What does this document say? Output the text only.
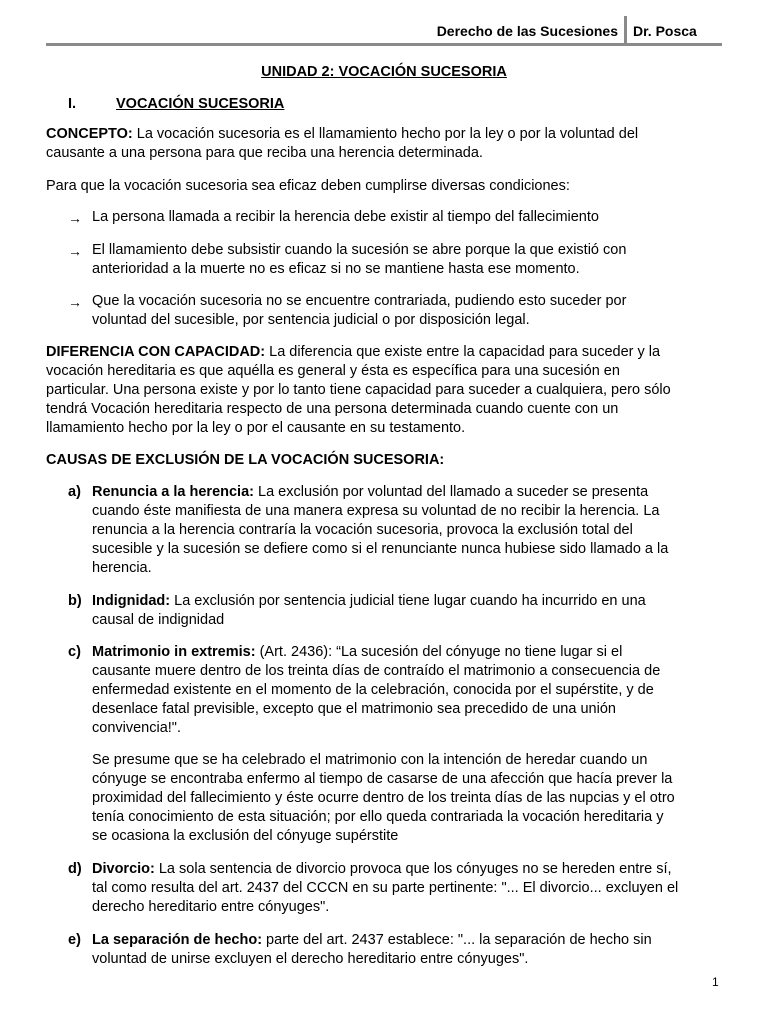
Derecho de las Sucesiones Dr. Posca
UNIDAD 2: VOCACIÓN SUCESORIA
I.	VOCACIÓN SUCESORIA
CONCEPTO: La vocación sucesoria es el llamamiento hecho por la ley o por la voluntad del
causante a una persona para que reciba una herencia determinada.
Para que la vocación sucesoria sea eficaz deben cumplirse diversas condiciones:
→ La persona llamada a recibir la herencia debe existir al tiempo del fallecimiento
→ El llamamiento debe subsistir cuando la sucesión se abre porque la que existió con
anterioridad a la muerte no es eficaz si no se mantiene hasta ese momento.
→ Que la vocación sucesoria no se encuentre contrariada, pudiendo esto suceder por
voluntad del sucesible, por sentencia judicial o por disposición legal.
DIFERENCIA CON CAPACIDAD: La diferencia que existe entre la capacidad para suceder y la
vocación hereditaria es que aquélla es general y ésta es específica para una sucesión en
particular. Una persona existe y por lo tanto tiene capacidad para suceder a cualquiera, pero sólo
tendrá Vocación hereditaria respecto de una persona determinada cuando cuente con un
llamamiento hecho por la ley o por el causante en su testamento.
CAUSAS DE EXCLUSIÓN DE LA VOCACIÓN SUCESORIA:
a) Renuncia a la herencia: La exclusión por voluntad del llamado a suceder se presenta
cuando éste manifiesta de una manera expresa su voluntad de no recibir la herencia. La
renuncia a la herencia contraría la vocación sucesoria, provoca la exclusión total del
sucesible y la sucesión se defiere como si el renunciante nunca hubiese sido llamado a la
herencia.
b) Indignidad: La exclusión por sentencia judicial tiene lugar cuando ha incurrido en una
causal de indignidad
c) Matrimonio in extremis: (Art. 2436): “La sucesión del cónyuge no tiene lugar si el
causante muere dentro de los treinta días de contraído el matrimonio a consecuencia de
enfermedad existente en el momento de la celebración, conocida por el supérstite, y de
desenlace fatal previsible, excepto que el matrimonio sea precedido de una unión
convivencia!".
Se presume que se ha celebrado el matrimonio con la intención de heredar cuando un
cónyuge se encontraba enfermo al tiempo de casarse de una afección que hacía prever la
proximidad del fallecimiento y éste ocurre dentro de los treinta días de las nupcias y el otro
tenía conocimiento de esta situación; por ello queda contrariada la vocación hereditaria y
se ocasiona la exclusión del cónyuge supérstite
d) Divorcio: La sola sentencia de divorcio provoca que los cónyuges no se hereden entre sí,
tal como resulta del art. 2437 del CCCN en su parte pertinente: "... El divorcio... excluyen el
derecho hereditario entre cónyuges".
e) La separación de hecho: parte del art. 2437 establece: "... la separación de hecho sin
voluntad de unirse excluyen el derecho hereditario entre cónyuges".
1
